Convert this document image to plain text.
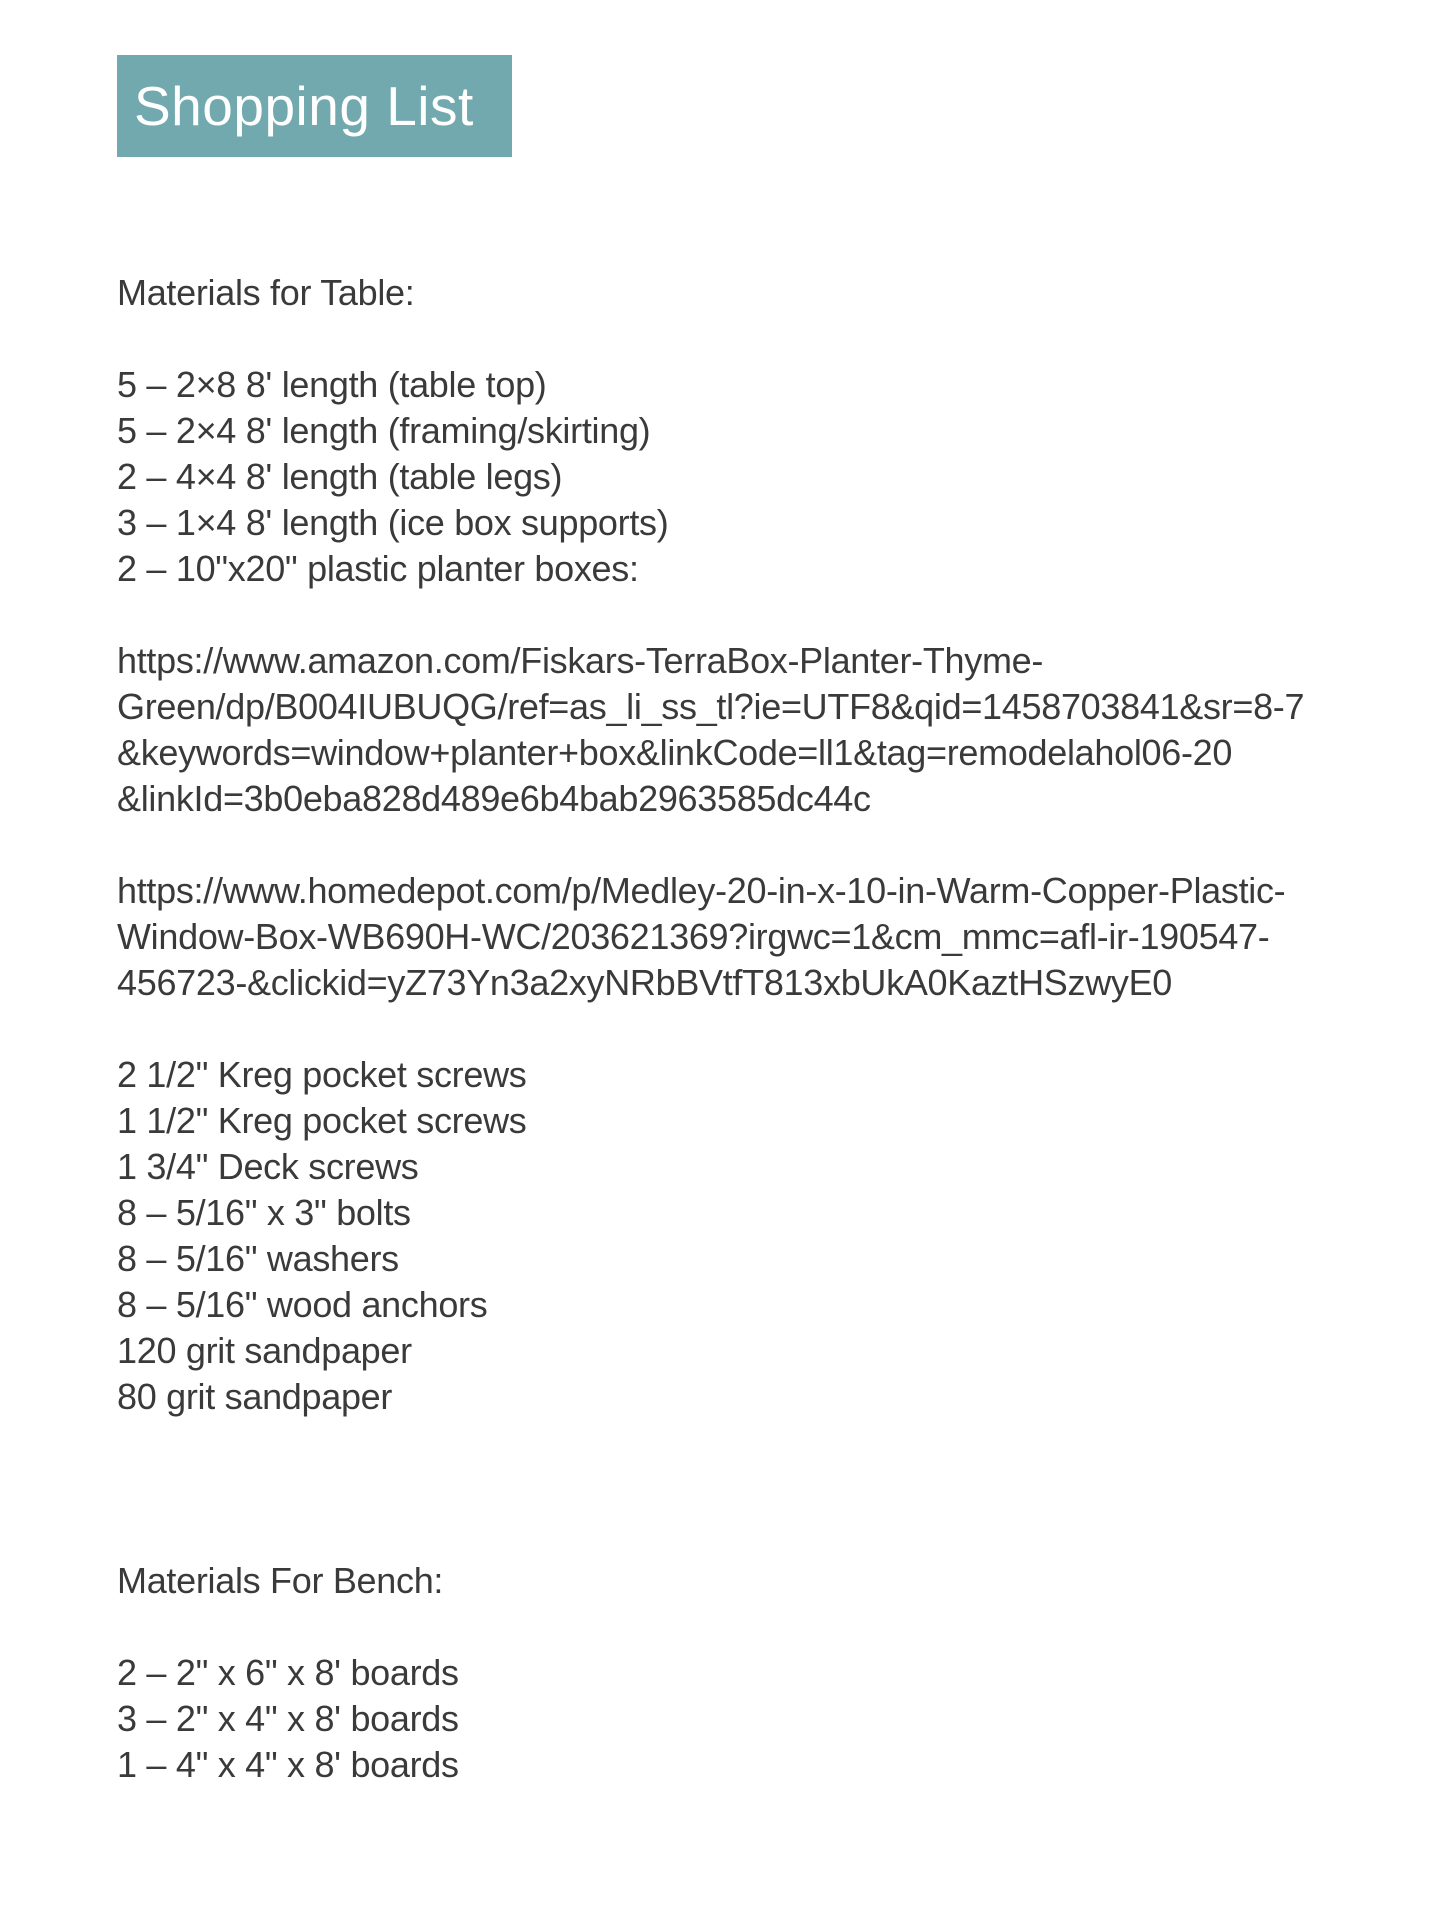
Shopping List
Materials for Table:
5 – 2×8 8' length (table top)
5 – 2×4 8' length (framing/skirting)
2 – 4×4 8' length (table legs)
3 – 1×4 8' length (ice box supports)
2 – 10"x20" plastic planter boxes:
https://www.amazon.com/Fiskars-TerraBox-Planter-Thyme-
Green/dp/B004IUBUQG/ref=as_li_ss_tl?ie=UTF8&qid=1458703841&sr=8-7
&keywords=window+planter+box&linkCode=ll1&tag=remodelahol06-20
&linkId=3b0eba828d489e6b4bab2963585dc44c
https://www.homedepot.com/p/Medley-20-in-x-10-in-Warm-Copper-Plastic-
Window-Box-WB690H-WC/203621369?irgwc=1&cm_mmc=afl-ir-190547-
456723-&clickid=yZ73Yn3a2xyNRbBVtfT813xbUkA0KaztHSzwyE0
2 1/2" Kreg pocket screws
1 1/2" Kreg pocket screws
1 3/4" Deck screws
8 – 5/16" x 3" bolts
8 – 5/16" washers
8 – 5/16" wood anchors
120 grit sandpaper
80 grit sandpaper
Materials For Bench:
2 – 2" x 6" x 8' boards
3 – 2" x 4" x 8' boards
1 – 4" x 4" x 8' boards
